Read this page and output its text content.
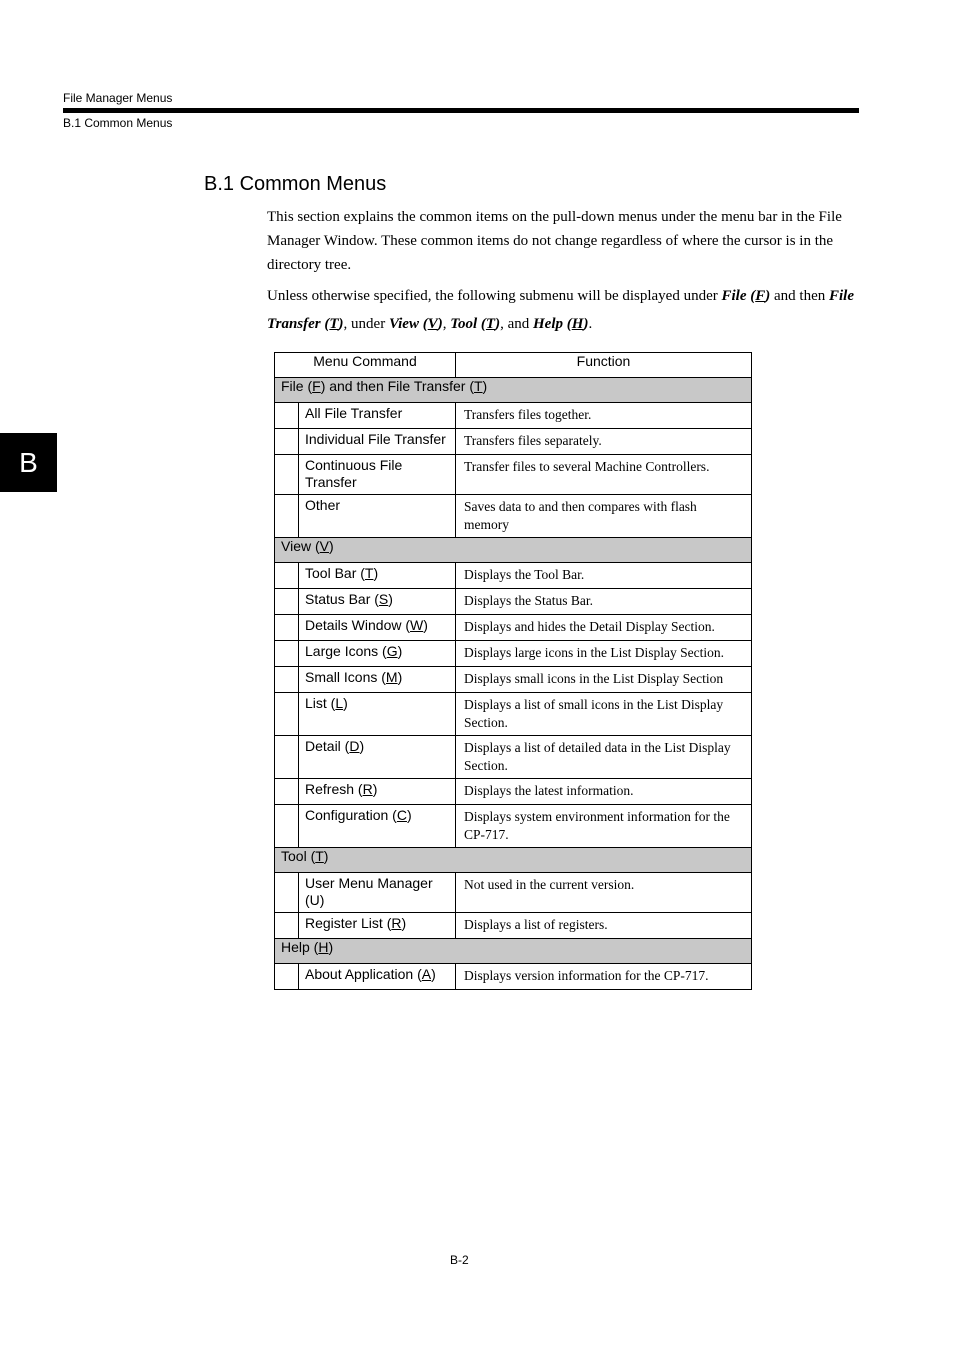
File Manager Menus
B.1 Common Menus
B
B.1 Common Menus
This section explains the common items on the pull-down menus under the menu bar in the File Manager Window. These common items do not change regardless of where the cursor is in the directory tree.
Unless otherwise specified, the following submenu will be displayed under File (F) and then File Transfer (T), under View (V), Tool (T), and Help (H).
Menu Command		Function
File (F) and then File Transfer (T)		
	All File Transfer	Transfers files together.
	Individual File Transfer	Transfers files separately.
	Continuous File Transfer	Transfer files to several Machine Controllers.
	Other	Saves data to and then compares with flash memory
View (V)		
	Tool Bar (T)	Displays the Tool Bar.
	Status Bar (S)	Displays the Status Bar.
	Details Window (W)	Displays and hides the Detail Display Section.
	Large Icons (G)	Displays large icons in the List Display Section.
	Small Icons (M)	Displays small icons in the List Display Section
	List (L)	Displays a list of small icons in the List Display Section.
	Detail (D)	Displays a list of detailed data in the List Display Section.
	Refresh (R)	Displays the latest information.
	Configuration (C)	Displays system environment information for the CP-717.
Tool (T)		
	User Menu Manager (U)	Not used in the current version.
	Register List (R)	Displays a list of registers.
Help (H)		
	About Application (A)	Displays version information for the CP-717.
B-2
